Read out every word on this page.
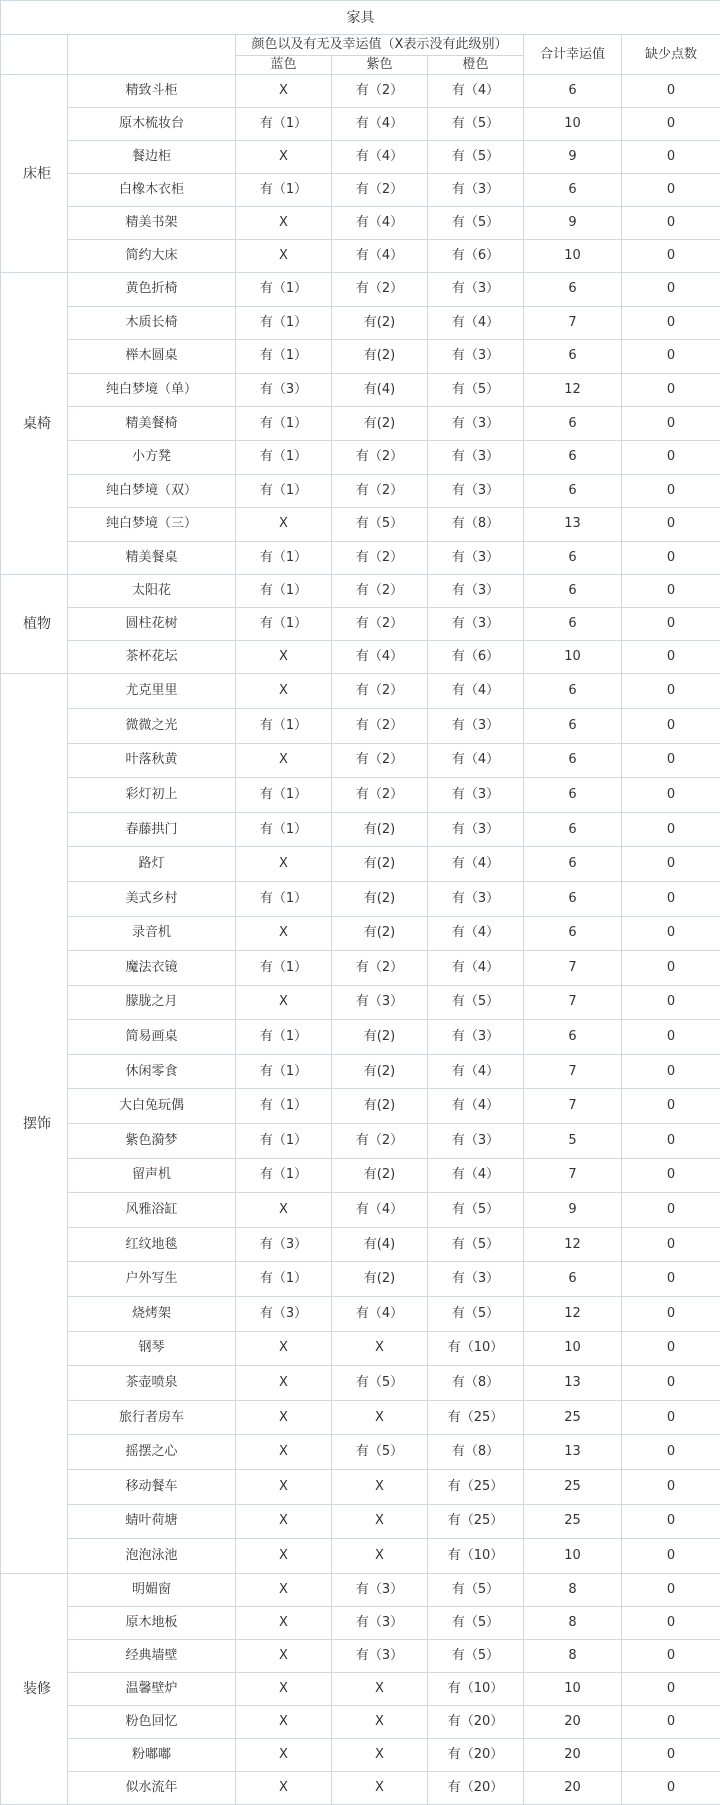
家具						
		颜色以及有无及幸运值（X表示没有此级别）			合计幸运值	缺少点数
		蓝色	紫色	橙色		
床柜	精致斗柜	X	有（2）	有（4）	6	0
	原木梳妆台	有（1）	有（4）	有（5）	10	0
	餐边柜	X	有（4）	有（5）	9	0
	白橡木衣柜	有（1）	有（2）	有（3）	6	0
	精美书架	X	有（4）	有（5）	9	0
	简约大床	X	有（4）	有（6）	10	0
桌椅	黄色折椅	有（1）	有（2）	有（3）	6	0
	木质长椅	有（1）	有(2)	有（4）	7	0
	榉木圆桌	有（1）	有(2)	有（3）	6	0
	纯白梦境（单）	有（3）	有(4)	有（5）	12	0
	精美餐椅	有（1）	有(2)	有（3）	6	0
	小方凳	有（1）	有（2）	有（3）	6	0
	纯白梦境（双）	有（1）	有（2）	有（3）	6	0
	纯白梦境（三）	X	有（5）	有（8）	13	0
	精美餐桌	有（1）	有（2）	有（3）	6	0
植物	太阳花	有（1）	有（2）	有（3）	6	0
	圆柱花树	有（1）	有（2）	有（3）	6	0
	茶杯花坛	X	有（4）	有（6）	10	0
摆饰	尤克里里	X	有（2）	有（4）	6	0
	微微之光	有（1）	有（2）	有（3）	6	0
	叶落秋黄	X	有（2）	有（4）	6	0
	彩灯初上	有（1）	有（2）	有（3）	6	0
	春藤拱门	有（1）	有(2)	有（3）	6	0
	路灯	X	有(2)	有（4）	6	0
	美式乡村	有（1）	有(2)	有（3）	6	0
	录音机	X	有(2)	有（4）	6	0
	魔法衣镜	有（1）	有（2）	有（4）	7	0
	朦胧之月	X	有（3）	有（5）	7	0
	简易画桌	有（1）	有(2)	有（3）	6	0
	休闲零食	有（1）	有(2)	有（4）	7	0
	大白兔玩偶	有（1）	有(2)	有（4）	7	0
	紫色漪梦	有（1）	有（2）	有（3）	5	0
	留声机	有（1）	有(2)	有（4）	7	0
	风雅浴缸	X	有（4）	有（5）	9	0
	红纹地毯	有（3）	有(4)	有（5）	12	0
	户外写生	有（1）	有(2)	有（3）	6	0
	烧烤架	有（3）	有（4）	有（5）	12	0
	钢琴	X	X	有（10）	10	0
	茶壶喷泉	X	有（5）	有（8）	13	0
	旅行者房车	X	X	有（25）	25	0
	摇摆之心	X	有（5）	有（8）	13	0
	移动餐车	X	X	有（25）	25	0
	蜻叶荷塘	X	X	有（25）	25	0
	泡泡泳池	X	X	有（10）	10	0
装修	明媚窗	X	有（3）	有（5）	8	0
	原木地板	X	有（3）	有（5）	8	0
	经典墙壁	X	有（3）	有（5）	8	0
	温馨壁炉	X	X	有（10）	10	0
	粉色回忆	X	X	有（20）	20	0
	粉嘟嘟	X	X	有（20）	20	0
	似水流年	X	X	有（20）	20	0
